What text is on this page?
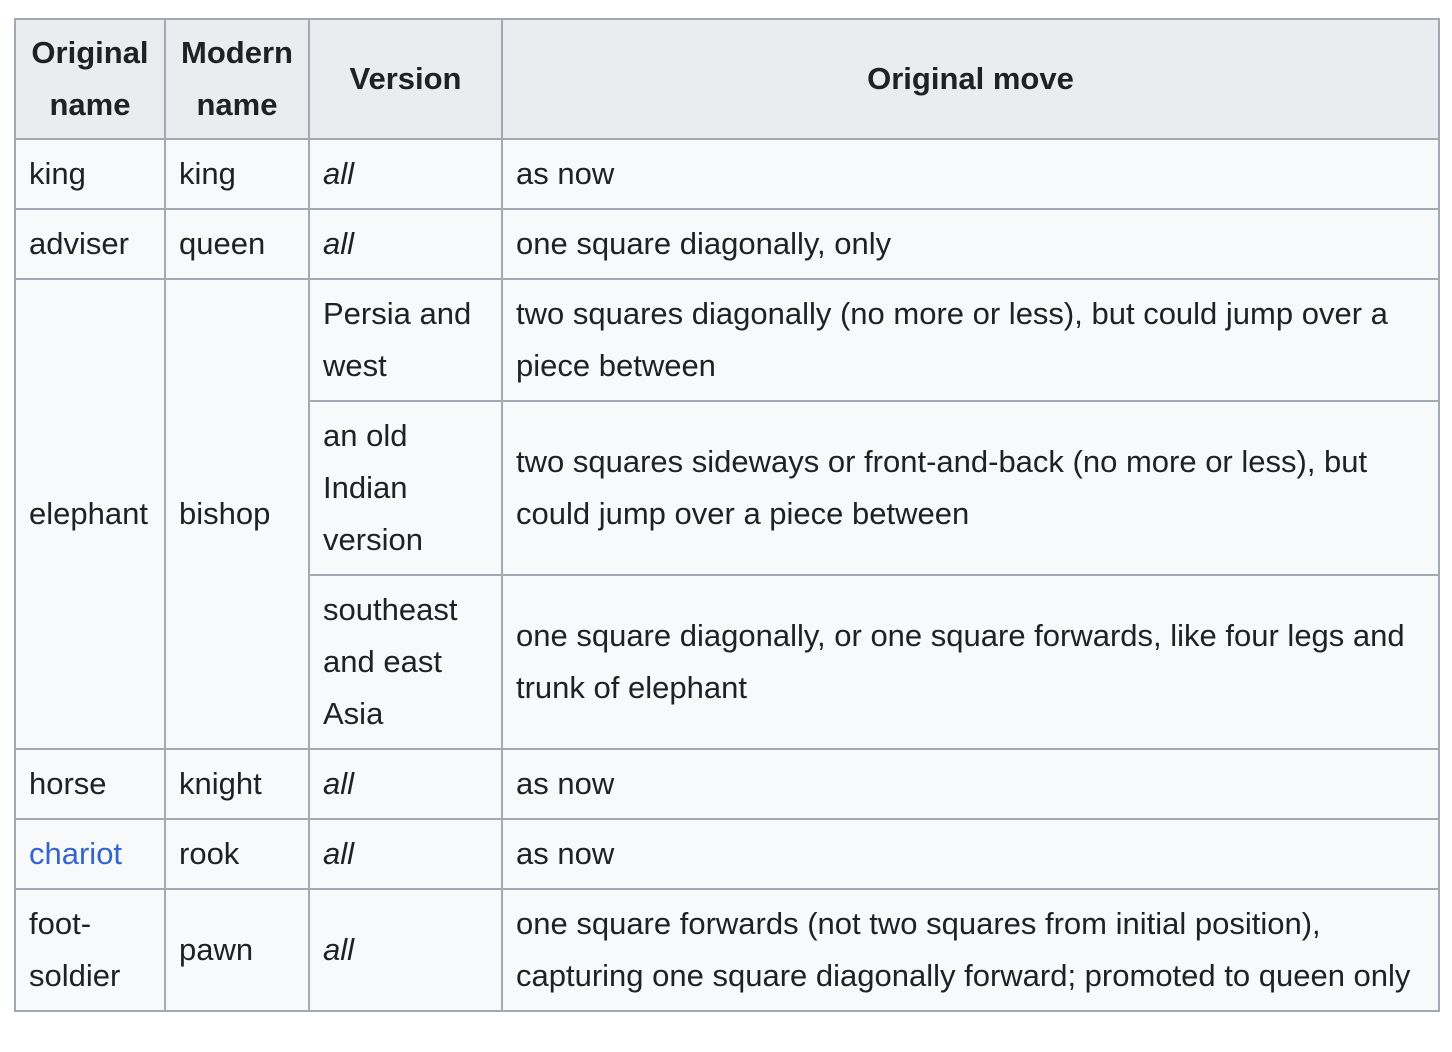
Original name	Modern name	Version	Original move
king	king	all	as now
adviser	queen	all	one square diagonally, only
elephant	bishop	Persia and west	two squares diagonally (no more or less), but could jump over a piece between
		an old Indian version	two squares sideways or front-and-back (no more or less), but could jump over a piece between
		southeast and east Asia	one square diagonally, or one square forwards, like four legs and trunk of elephant
horse	knight	all	as now
chariot	rook	all	as now
foot-soldier	pawn	all	one square forwards (not two squares from initial position), capturing one square diagonally forward; promoted to queen only
